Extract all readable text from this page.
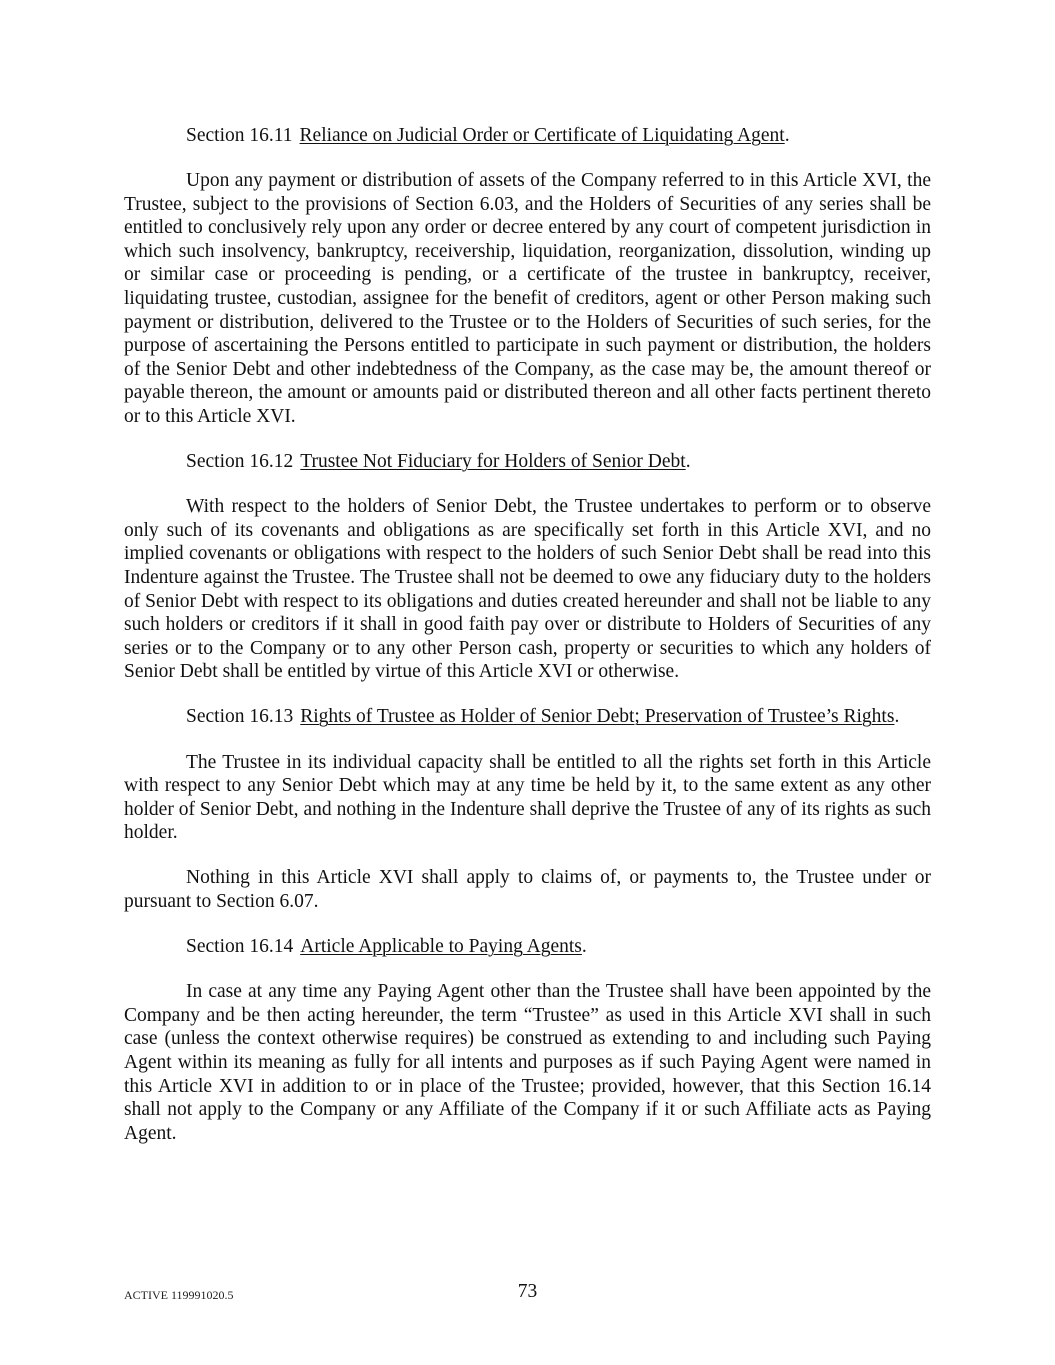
Section 16.11 Reliance on Judicial Order or Certificate of Liquidating Agent.

Upon any payment or distribution of assets of the Company referred to in this Article XVI, the Trustee, subject to the provisions of Section 6.03, and the Holders of Securities of any series shall be entitled to conclusively rely upon any order or decree entered by any court of competent jurisdiction in which such insolvency, bankruptcy, receivership, liquidation, reorganization, dissolution, winding up or similar case or proceeding is pending, or a certificate of the trustee in bankruptcy, receiver, liquidating trustee, custodian, assignee for the benefit of creditors, agent or other Person making such payment or distribution, delivered to the Trustee or to the Holders of Securities of such series, for the purpose of ascertaining the Persons entitled to participate in such payment or distribution, the holders of the Senior Debt and other indebtedness of the Company, as the case may be, the amount thereof or payable thereon, the amount or amounts paid or distributed thereon and all other facts pertinent thereto or to this Article XVI.

Section 16.12 Trustee Not Fiduciary for Holders of Senior Debt.

With respect to the holders of Senior Debt, the Trustee undertakes to perform or to observe only such of its covenants and obligations as are specifically set forth in this Article XVI, and no implied covenants or obligations with respect to the holders of such Senior Debt shall be read into this Indenture against the Trustee. The Trustee shall not be deemed to owe any fiduciary duty to the holders of Senior Debt with respect to its obligations and duties created hereunder and shall not be liable to any such holders or creditors if it shall in good faith pay over or distribute to Holders of Securities of any series or to the Company or to any other Person cash, property or securities to which any holders of Senior Debt shall be entitled by virtue of this Article XVI or otherwise.

Section 16.13 Rights of Trustee as Holder of Senior Debt; Preservation of Trustee’s Rights.

The Trustee in its individual capacity shall be entitled to all the rights set forth in this Article with respect to any Senior Debt which may at any time be held by it, to the same extent as any other holder of Senior Debt, and nothing in the Indenture shall deprive the Trustee of any of its rights as such holder.

Nothing in this Article XVI shall apply to claims of, or payments to, the Trustee under or pursuant to Section 6.07.

Section 16.14 Article Applicable to Paying Agents.

In case at any time any Paying Agent other than the Trustee shall have been appointed by the Company and be then acting hereunder, the term “Trustee” as used in this Article XVI shall in such case (unless the context otherwise requires) be construed as extending to and including such Paying Agent within its meaning as fully for all intents and purposes as if such Paying Agent were named in this Article XVI in addition to or in place of the Trustee; provided, however, that this Section 16.14 shall not apply to the Company or any Affiliate of the Company if it or such Affiliate acts as Paying Agent.

ACTIVE 119991020.5	73
